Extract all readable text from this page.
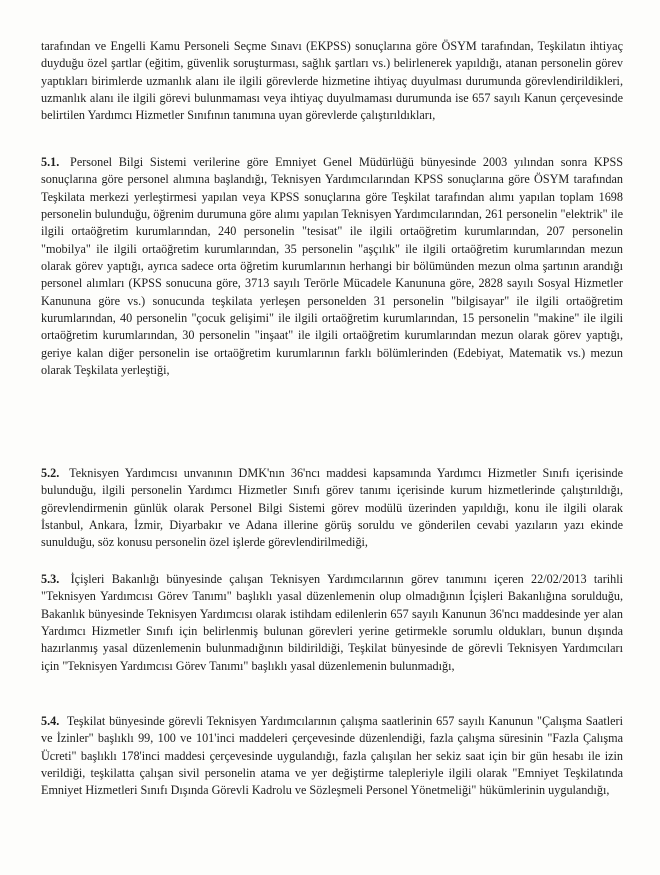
tarafından ve Engelli Kamu Personeli Seçme Sınavı (EKPSS) sonuçlarına göre ÖSYM tarafından, Teşkilatın ihtiyaç duyduğu özel şartlar (eğitim, güvenlik soruşturması, sağlık şartları vs.) belirlenerek yapıldığı, atanan personelin görev yaptıkları birimlerde uzmanlık alanı ile ilgili görevlerde hizmetine ihtiyaç duyulması durumunda görevlendirildikleri, uzmanlık alanı ile ilgili görevi bulunmaması veya ihtiyaç duyulmaması durumunda ise 657 sayılı Kanun çerçevesinde belirtilen Yardımcı Hizmetler Sınıfının tanımına uyan görevlerde çalıştırıldıkları,

5.1. Personel Bilgi Sistemi verilerine göre Emniyet Genel Müdürlüğü bünyesinde 2003 yılından sonra KPSS sonuçlarına göre personel alımına başlandığı, Teknisyen Yardımcılarından KPSS sonuçlarına göre ÖSYM tarafından Teşkilata merkezi yerleştirmesi yapılan veya KPSS sonuçlarına göre Teşkilat tarafından alımı yapılan toplam 1698 personelin bulunduğu, öğrenim durumuna göre alımı yapılan Teknisyen Yardımcılarından, 261 personelin "elektrik" ile ilgili ortaöğretim kurumlarından, 240 personelin "tesisat" ile ilgili ortaöğretim kurumlarından, 207 personelin "mobilya" ile ilgili ortaöğretim kurumlarından, 35 personelin "aşçılık" ile ilgili ortaöğretim kurumlarından mezun olarak görev yaptığı, ayrıca sadece orta öğretim kurumlarının herhangi bir bölümünden mezun olma şartının arandığı personel alımları (KPSS sonucuna göre, 3713 sayılı Terörle Mücadele Kanununa göre, 2828 sayılı Sosyal Hizmetler Kanununa göre vs.) sonucunda teşkilata yerleşen personelden 31 personelin "bilgisayar" ile ilgili ortaöğretim kurumlarından, 40 personelin "çocuk gelişimi" ile ilgili ortaöğretim kurumlarından, 15 personelin "makine" ile ilgili ortaöğretim kurumlarından, 30 personelin "inşaat" ile ilgili ortaöğretim kurumlarından mezun olarak görev yaptığı, geriye kalan diğer personelin ise ortaöğretim kurumlarının farklı bölümlerinden (Edebiyat, Matematik vs.) mezun olarak Teşkilata yerleştiği,

5.2. Teknisyen Yardımcısı unvanının DMK'nın 36'ncı maddesi kapsamında Yardımcı Hizmetler Sınıfı içerisinde bulunduğu, ilgili personelin Yardımcı Hizmetler Sınıfı görev tanımı içerisinde kurum hizmetlerinde çalıştırıldığı, görevlendirmenin günlük olarak Personel Bilgi Sistemi görev modülü üzerinden yapıldığı, konu ile ilgili olarak İstanbul, Ankara, İzmir, Diyarbakır ve Adana illerine görüş soruldu ve gönderilen cevabi yazıların yazı ekinde sunulduğu, söz konusu personelin özel işlerde görevlendirilmediği,

5.3. İçişleri Bakanlığı bünyesinde çalışan Teknisyen Yardımcılarının görev tanımını içeren 22/02/2013 tarihli "Teknisyen Yardımcısı Görev Tanımı" başlıklı yasal düzenlemenin olup olmadığının İçişleri Bakanlığına sorulduğu, Bakanlık bünyesinde Teknisyen Yardımcısı olarak istihdam edilenlerin 657 sayılı Kanunun 36'ncı maddesinde yer alan Yardımcı Hizmetler Sınıfı için belirlenmiş bulunan görevleri yerine getirmekle sorumlu oldukları, bunun dışında hazırlanmış yasal düzenlemenin bulunmadığının bildirildiği, Teşkilat bünyesinde de görevli Teknisyen Yardımcıları için "Teknisyen Yardımcısı Görev Tanımı" başlıklı yasal düzenlemenin bulunmadığı,

5.4. Teşkilat bünyesinde görevli Teknisyen Yardımcılarının çalışma saatlerinin 657 sayılı Kanunun "Çalışma Saatleri ve İzinler" başlıklı 99, 100 ve 101'inci maddeleri çerçevesinde düzenlendiği, fazla çalışma süresinin "Fazla Çalışma Ücreti" başlıklı 178'inci maddesi çerçevesinde uygulandığı, fazla çalışılan her sekiz saat için bir gün hesabı ile izin verildiği, teşkilatta çalışan sivil personelin atama ve yer değiştirme talepleriyle ilgili olarak "Emniyet Teşkilatında Emniyet Hizmetleri Sınıfı Dışında Görevli Kadrolu ve Sözleşmeli Personel Yönetmeliği" hükümlerinin uygulandığı,
